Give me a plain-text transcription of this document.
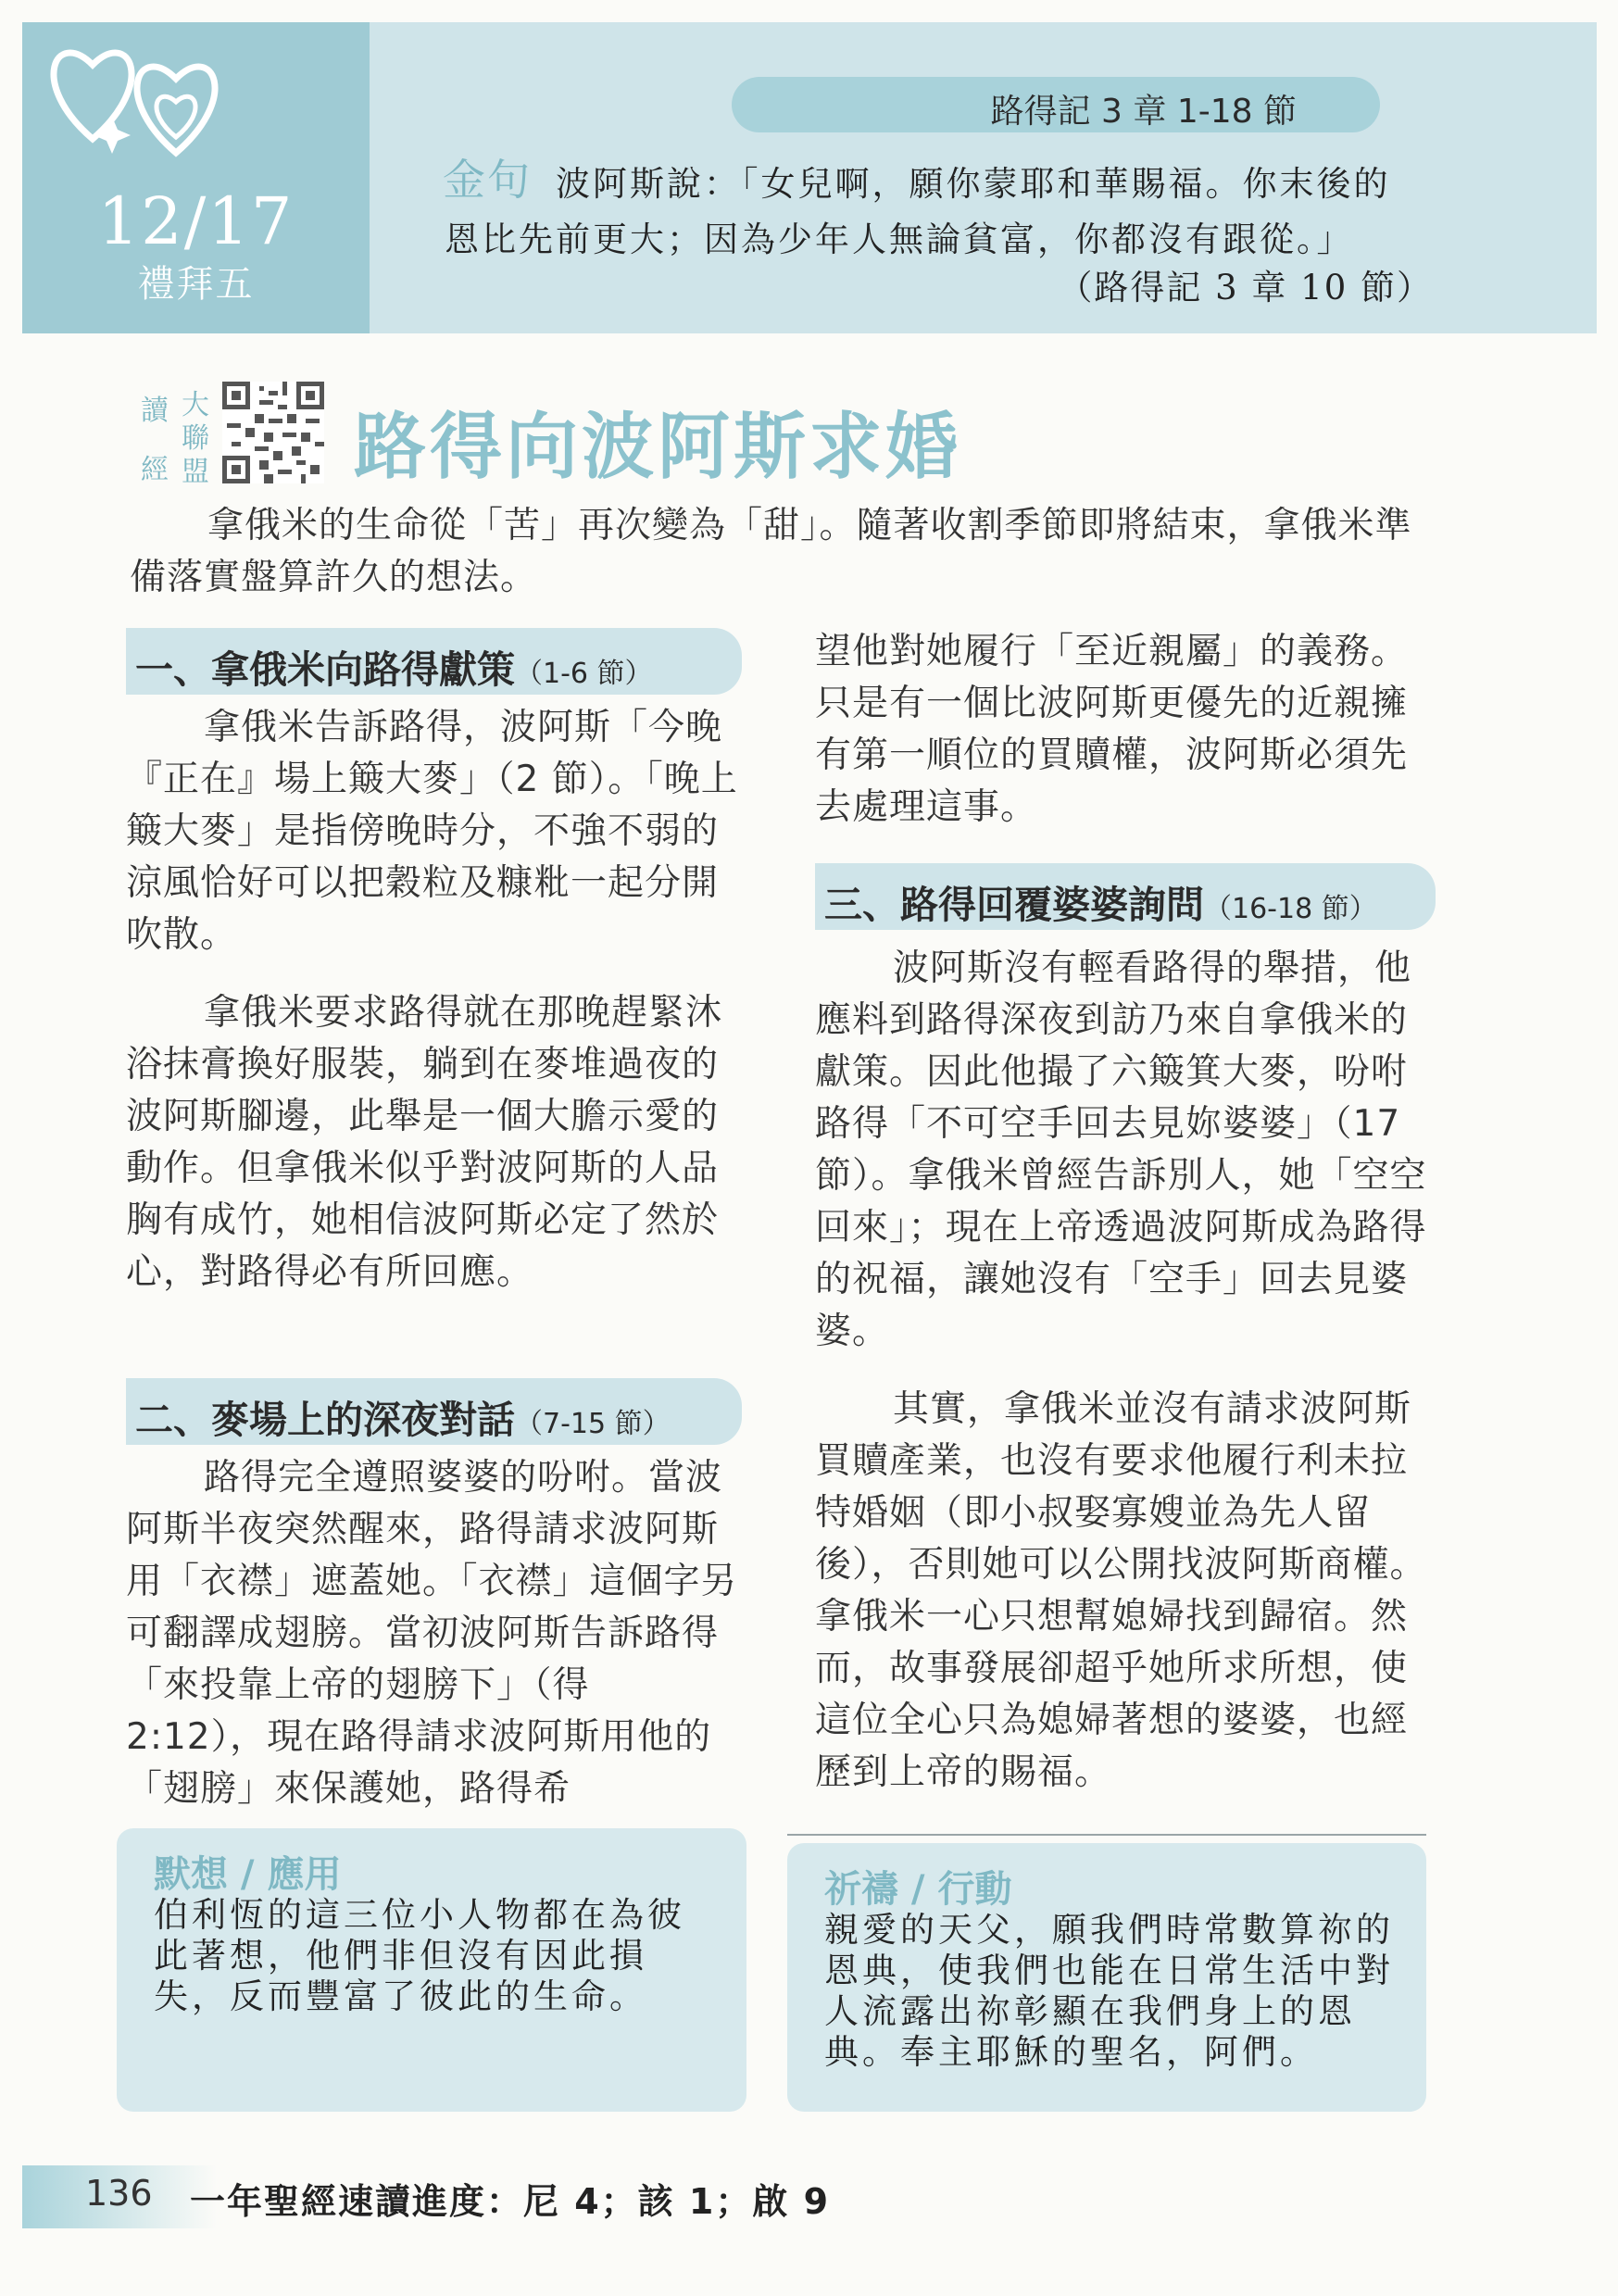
12/17
禮拜五
路得記 3 章 1-18 節
金句 波阿斯說：「女兒啊，願你蒙耶和華賜福。你末後的
恩比先前更大；因為少年人無論貧富，你都沒有跟從。」
（路得記 3 章 10 節）
讀
經
大
聯
盟 路得向波阿斯求婚

拿俄米的生命從「苦」再次變為「甜」。隨著收割季節即將結束，拿俄米準備落實盤算許久的想法。

一、拿俄米向路得獻策（1-6 節）

拿俄米告訴路得，波阿斯「今晚『正在』場上簸大麥」（2 節）。「晚上簸大麥」是指傍晚時分，不強不弱的涼風恰好可以把穀粒及糠粃一起分開吹散。

拿俄米要求路得就在那晚趕緊沐浴抹膏換好服裝，躺到在麥堆過夜的波阿斯腳邊，此舉是一個大膽示愛的動作。但拿俄米似乎對波阿斯的人品胸有成竹，她相信波阿斯必定了然於心，對路得必有所回應。

二、麥場上的深夜對話（7-15 節）

路得完全遵照婆婆的吩咐。當波阿斯半夜突然醒來，路得請求波阿斯用「衣襟」遮蓋她。「衣襟」這個字另可翻譯成翅膀。當初波阿斯告訴路得「來投靠上帝的翅膀下」（得 2:12），現在路得請求波阿斯用他的「翅膀」來保護她，路得希

望他對她履行「至近親屬」的義務。只是有一個比波阿斯更優先的近親擁有第一順位的買贖權，波阿斯必須先去處理這事。

三、路得回覆婆婆詢問（16-18 節）

波阿斯沒有輕看路得的舉措，他應料到路得深夜到訪乃來自拿俄米的獻策。因此他撮了六簸箕大麥，吩咐路得「不可空手回去見妳婆婆」（17 節）。拿俄米曾經告訴別人，她「空空回來」；現在上帝透過波阿斯成為路得的祝福，讓她沒有「空手」回去見婆婆。

其實，拿俄米並沒有請求波阿斯買贖產業，也沒有要求他履行利未拉特婚姻（即小叔娶寡嫂並為先人留後），否則她可以公開找波阿斯商權。拿俄米一心只想幫媳婦找到歸宿。然而，故事發展卻超乎她所求所想，使這位全心只為媳婦著想的婆婆，也經歷到上帝的賜福。

默想 / 應用
伯利恆的這三位小人物都在為彼此著想，他們非但沒有因此損失，反而豐富了彼此的生命。
祈禱 / 行動
親愛的天父，願我們時常數算祢的恩典，使我們也能在日常生活中對人流露出祢彰顯在我們身上的恩典。奉主耶穌的聖名，阿們。
136 一年聖經速讀進度：尼 4；該 1；啟 9
